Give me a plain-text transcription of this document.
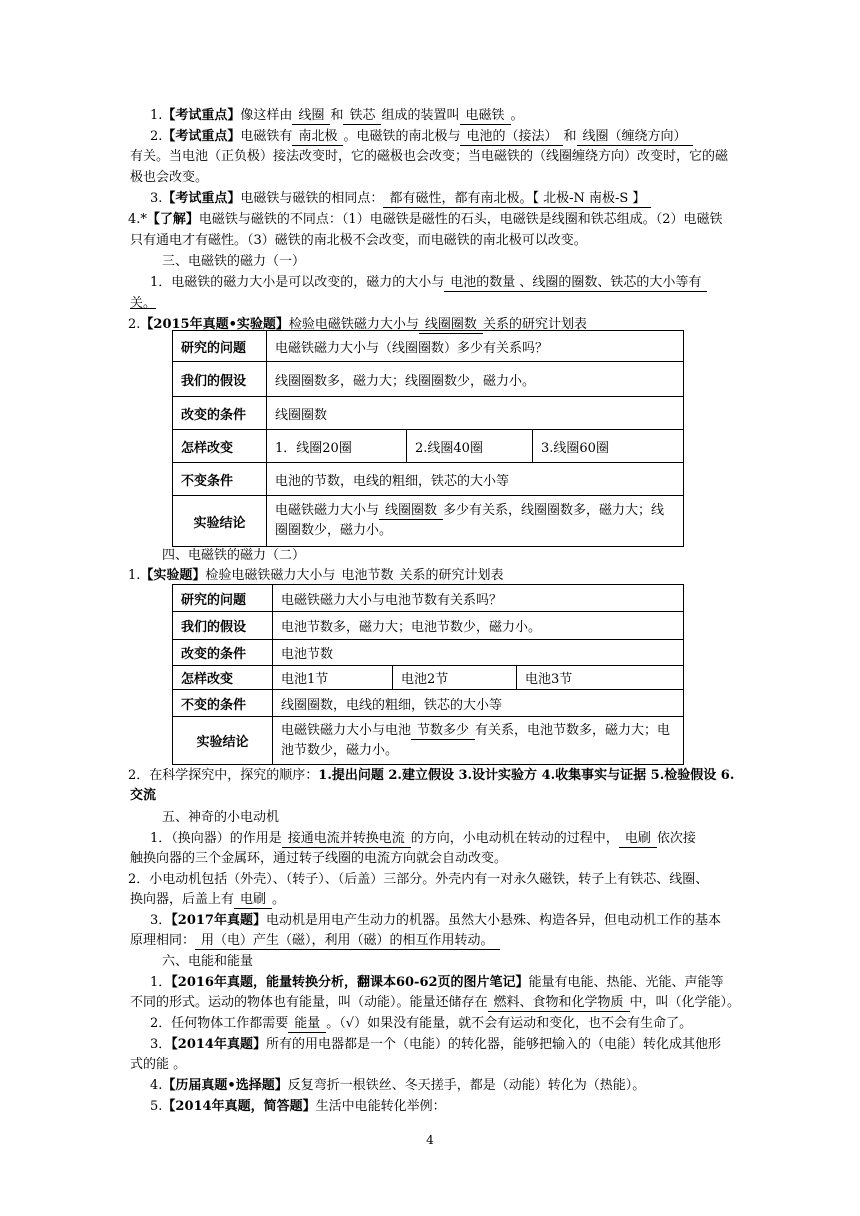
1.【考试重点】像这样由 线圈 和 铁芯 组成的装置叫 电磁铁 。
2.【考试重点】电磁铁有 南北极 。电磁铁的南北极与 电池的（接法） 和 线圈（缠绕方向）
有关。当电池（正负极）接法改变时，它的磁极也会改变；当电磁铁的（线圈缠绕方向）改变时，它的磁
极也会改变。
3.【考试重点】电磁铁与磁铁的相同点： 都有磁性，都有南北极。【 北极-N 南极-S 】
4.*【了解】电磁铁与磁铁的不同点：（1）电磁铁是磁性的石头，电磁铁是线圈和铁芯组成。（2）电磁铁
只有通电才有磁性。（3）磁铁的南北极不会改变，而电磁铁的南北极可以改变。
三、电磁铁的磁力（一）
1．电磁铁的磁力大小是可以改变的，磁力的大小与 电池的数量 、线圈的圈数、铁芯的大小等有
关。
2.【2015年真题•实验题】检验电磁铁磁力大小与 线圈圈数 关系的研究计划表
研究的问题	电磁铁磁力大小与（线圈圈数）多少有关系吗？		
我们的假设	线圈圈数多，磁力大；线圈圈数少，磁力小。		
改变的条件	线圈圈数		
怎样改变	1．线圈20圈	2.线圈40圈	3.线圈60圈
不变条件	电池的节数，电线的粗细，铁芯的大小等		
实验结论	电磁铁磁力大小与 线圈圈数 多少有关系，线圈圈数多，磁力大；线
圈圈数少，磁力小。		
四、电磁铁的磁力（二）
1.【实验题】检验电磁铁磁力大小与 电池节数 关系的研究计划表
研究的问题	电磁铁磁力大小与电池节数有关系吗？		
我们的假设	电池节数多，磁力大；电池节数少，磁力小。		
改变的条件	电池节数		
怎样改变	电池1节	电池2节	电池3节
不变的条件	线圈圈数，电线的粗细，铁芯的大小等		
实验结论	电磁铁磁力大小与电池 节数多少 有关系，电池节数多，磁力大；电
池节数少，磁力小。		
2．在科学探究中，探究的顺序：1.提出问题 2.建立假设 3.设计实验方 4.收集事实与证据 5.检验假设 6.
交流
五、神奇的小电动机
1．（换向器）的作用是 接通电流并转换电流 的方向，小电动机在转动的过程中， 电刷 依次接
触换向器的三个金属环，通过转子线圈的电流方向就会自动改变。
2．小电动机包括（外壳）、（转子）、（后盖）三部分。外壳内有一对永久磁铁，转子上有铁芯、线圈、
换向器，后盖上有 电刷 。
3．【2017年真题】电动机是用电产生动力的机器。虽然大小悬殊、构造各异，但电动机工作的基本
原理相同： 用（电）产生（磁），利用（磁）的相互作用转动。
六、电能和能量
1．【2016年真题，能量转换分析，翻课本60-62页的图片笔记】能量有电能、热能、光能、声能等
不同的形式。运动的物体也有能量，叫（动能）。能量还储存在 燃料、食物和化学物质 中，叫（化学能）。
2．任何物体工作都需要 能量 。（√）如果没有能量，就不会有运动和变化，也不会有生命了。
3．【2014年真题】所有的用电器都是一个（电能）的转化器，能够把输入的（电能）转化成其他形
式的能 。
4.【历届真题•选择题】反复弯折一根铁丝、冬天搓手，都是（动能）转化为（热能）。
5.【2014年真题，简答题】生活中电能转化举例：
4
